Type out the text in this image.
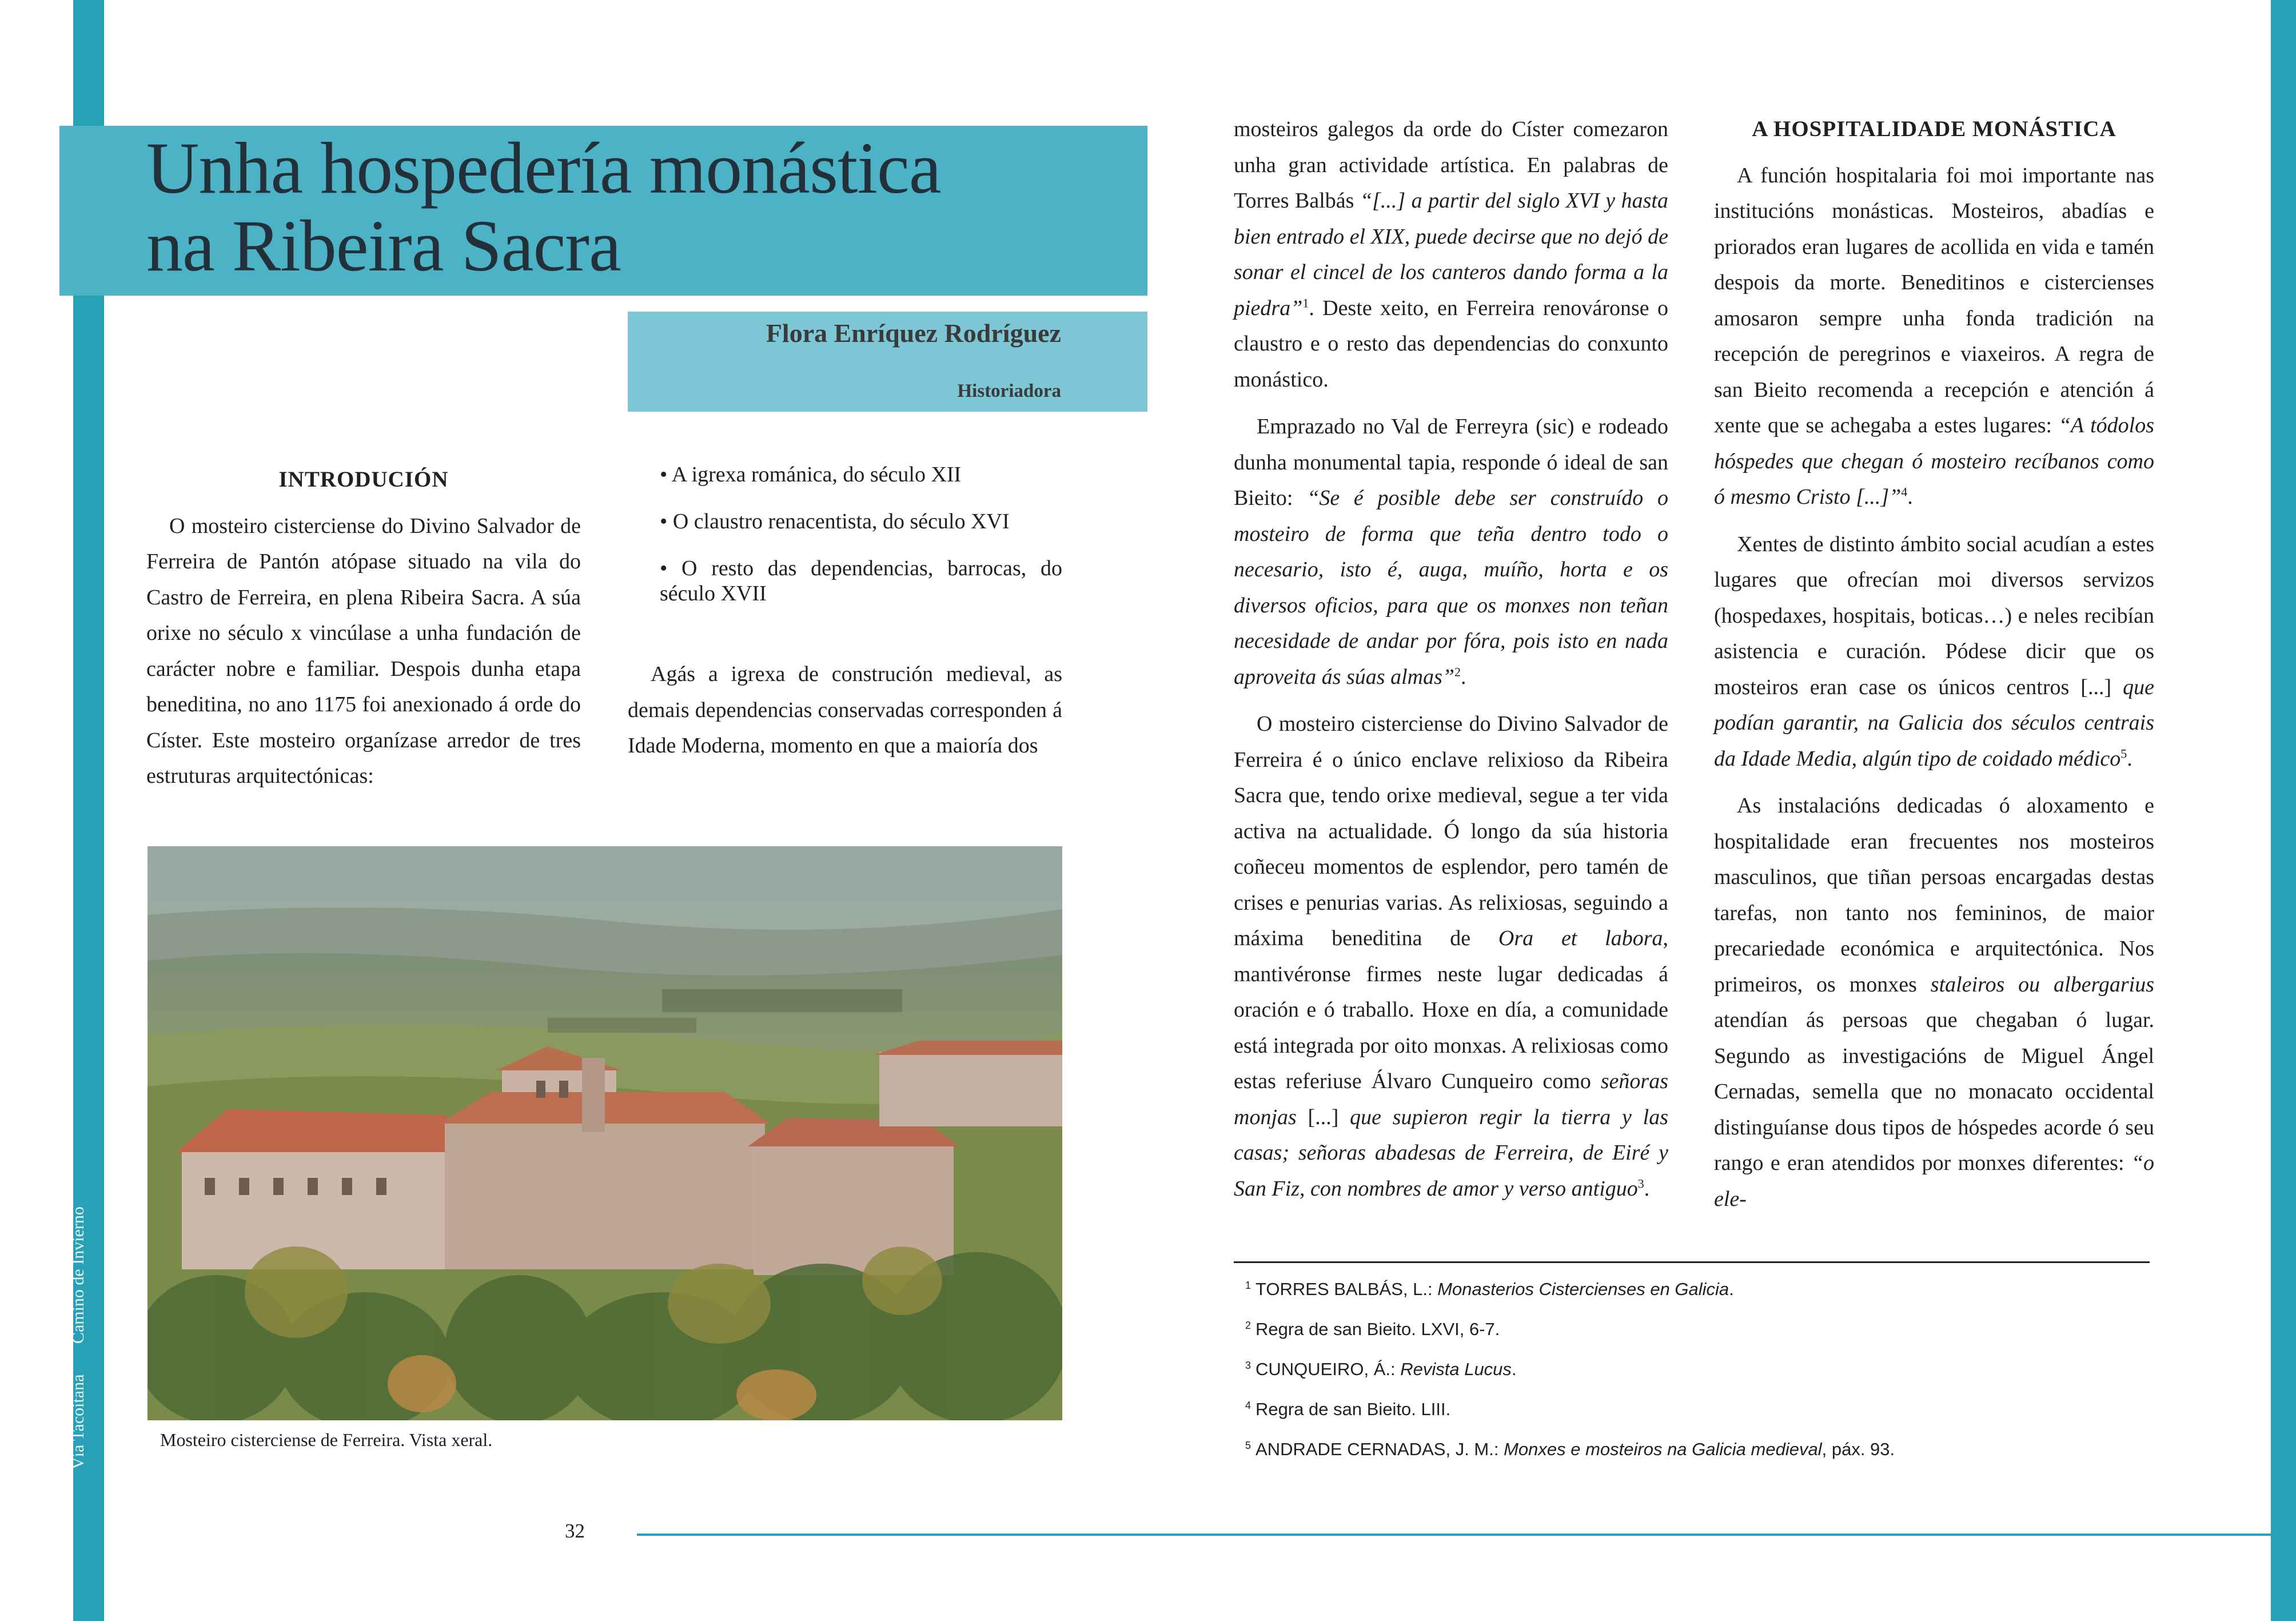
Vía Tacoitana Camino de Invierno
Unha hospedería monástica
na Ribeira Sacra
Flora Enríquez Rodríguez
Historiadora
INTRODUCIÓN

O mosteiro cisterciense do Divino Salvador de Ferreira de Pantón atópase situado na vila do Castro de Ferreira, en plena Ribeira Sacra. A súa orixe no século x vincúlase a unha fundación de carácter nobre e familiar. Despois dunha etapa beneditina, no ano 1175 foi anexionado á orde do Císter. Este mosteiro organízase arredor de tres estruturas arquitectónicas:

• A igrexa románica, do século XII
• O claustro renacentista, do século XVI
• O resto das dependencias, barrocas, do século XVII

Agás a igrexa de construción medieval, as demais dependencias conservadas corresponden á Idade Moderna, momento en que a maioría dos

Mosteiro cisterciense de Ferreira. Vista xeral.

mosteiros galegos da orde do Císter comezaron unha gran actividade artística. En palabras de Torres Balbás “[...] a partir del siglo XVI y hasta bien entrado el XIX, puede decirse que no dejó de sonar el cincel de los canteros dando forma a la piedra”$^1$. Deste xeito, en Ferreira renováronse o claustro e o resto das dependencias do conxunto monástico.

Emprazado no Val de Ferreyra (sic) e rodeado dunha monumental tapia, responde ó ideal de san Bieito: “Se é posible debe ser construído o mosteiro de forma que teña dentro todo o necesario, isto é, auga, muíño, horta e os diversos oficios, para que os monxes non teñan necesidade de andar por fóra, pois isto en nada aproveita ás súas almas”$^2$.

O mosteiro cisterciense do Divino Salvador de Ferreira é o único enclave relixioso da Ribeira Sacra que, tendo orixe medieval, segue a ter vida activa na actualidade. Ó longo da súa historia coñeceu momentos de esplendor, pero tamén de crises e penurias varias. As relixiosas, seguindo a máxima beneditina de Ora et labora, mantivéronse firmes neste lugar dedicadas á oración e ó traballo. Hoxe en día, a comunidade está integrada por oito monxas. A relixiosas como estas referiuse Álvaro Cunqueiro como señoras monjas [...] que supieron regir la tierra y las casas; señoras abadesas de Ferreira, de Eiré y San Fiz, con nombres de amor y verso antiguo$^3$.

A HOSPITALIDADE MONÁSTICA

A función hospitalaria foi moi importante nas institucións monásticas. Mosteiros, abadías e priorados eran lugares de acollida en vida e tamén despois da morte. Beneditinos e cistercienses amosaron sempre unha fonda tradición na recepción de peregrinos e viaxeiros. A regra de san Bieito recomenda a recepción e atención á xente que se achegaba a estes lugares: “A tódolos hóspedes que chegan ó mosteiro recíbanos como ó mesmo Cristo [...]”$^4$.

Xentes de distinto ámbito social acudían a estes lugares que ofrecían moi diversos servizos (hospedaxes, hospitais, boticas…) e neles recibían asistencia e curación. Pódese dicir que os mosteiros eran case os únicos centros [...] que podían garantir, na Galicia dos séculos centrais da Idade Media, algún tipo de coidado médico$^5$.

As instalacións dedicadas ó aloxamento e hospitalidade eran frecuentes nos mosteiros masculinos, que tiñan persoas encargadas destas tarefas, non tanto nos femininos, de maior precariedade económica e arquitectónica. Nos primeiros, os monxes staleiros ou albergarius atendían ás persoas que chegaban ó lugar. Segundo as investigacións de Miguel Ángel Cernadas, semella que no monacato occidental distinguíanse dous tipos de hóspedes acorde ó seu rango e eran atendidos por monxes diferentes: “o ele-

$^1$ TORRES BALBÁS, L.: Monasterios Cistercienses en Galicia.
$^2$ Regra de san Bieito. LXVI, 6-7.
$^3$ CUNQUEIRO, Á.: Revista Lucus.
$^4$ Regra de san Bieito. LIII.
$^5$ ANDRADE CERNADAS, J. M.: Monxes e mosteiros na Galicia medieval, páx. 93.
32
